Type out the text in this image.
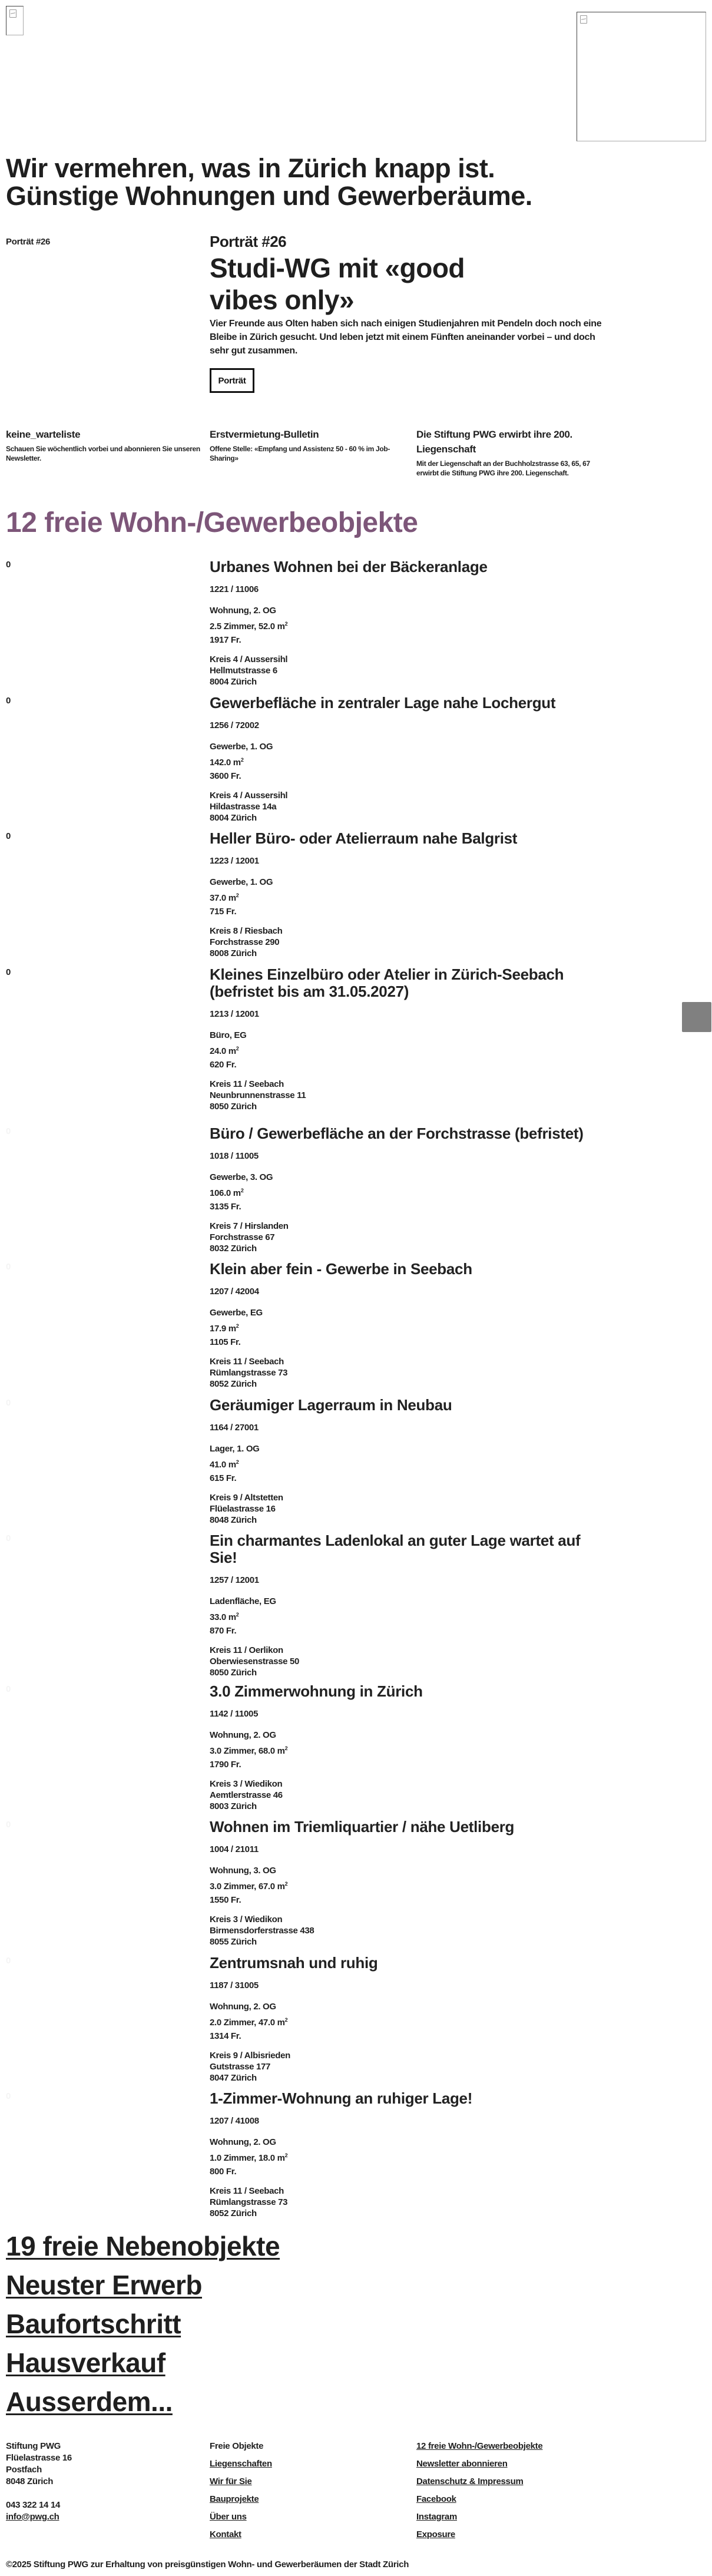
Wir vermehren, was in Zürich knapp ist.
Günstige Wohnungen und Gewerberäume.
Porträt #26	Porträt #26
Studi-WG mit «good vibes only»

Vier Freunde aus Olten haben sich nach einigen Studienjahren mit Pendeln doch noch eine Bleibe in Zürich gesucht. Und leben jetzt mit einem Fünften aneinander vorbei – und doch sehr gut zusammen.

Porträt
keine_warteliste

Schauen Sie wöchentlich vorbei und abonnieren Sie unseren Newsletter.

Erstvermietung-Bulletin

Offene Stelle: «Empfang und Assistenz 50 - 60 % im Job-Sharing»

Die Stiftung PWG erwirbt ihre 200. Liegenschaft

Mit der Liegenschaft an der Buchholzstrasse 63, 65, 67 erwirbt die Stiftung PWG ihre 200. Liegenschaft.

12 freie Wohn-/Gewerbeobjekte
0	Urbanes Wohnen bei der Bäckeranlage
1221 / 11006
Wohnung, 2. OG
2.5 Zimmer, 52.0 $m^2$
1917 Fr.
Kreis 4 / Aussersihl
Hellmutstrasse 6
8004 Zürich
0	Gewerbefläche in zentraler Lage nahe Lochergut
1256 / 72002
Gewerbe, 1. OG
142.0 $m^2$
3600 Fr.
Kreis 4 / Aussersihl
Hildastrasse 14a
8004 Zürich
0	Heller Büro- oder Atelierraum nahe Balgrist
1223 / 12001
Gewerbe, 1. OG
37.0 $m^2$
715 Fr.
Kreis 8 / Riesbach
Forchstrasse 290
8008 Zürich
0	Kleines Einzelbüro oder Atelier in Zürich-Seebach (befristet bis am 31.05.2027)
1213 / 12001
Büro, EG
24.0 $m^2$
620 Fr.
Kreis 11 / Seebach
Neunbrunnenstrasse 11
8050 Zürich
0	Büro / Gewerbefläche an der Forchstrasse (befristet)
1018 / 11005
Gewerbe, 3. OG
106.0 $m^2$
3135 Fr.
Kreis 7 / Hirslanden
Forchstrasse 67
8032 Zürich
0	Klein aber fein - Gewerbe in Seebach
1207 / 42004
Gewerbe, EG
17.9 $m^2$
1105 Fr.
Kreis 11 / Seebach
Rümlangstrasse 73
8052 Zürich
0	Geräumiger Lagerraum in Neubau
1164 / 27001
Lager, 1. OG
41.0 $m^2$
615 Fr.
Kreis 9 / Altstetten
Flüelastrasse 16
8048 Zürich
0	Ein charmantes Ladenlokal an guter Lage wartet auf Sie!
1257 / 12001
Ladenfläche, EG
33.0 $m^2$
870 Fr.
Kreis 11 / Oerlikon
Oberwiesenstrasse 50
8050 Zürich
0	3.0 Zimmerwohnung in Zürich
1142 / 11005
Wohnung, 2. OG
3.0 Zimmer, 68.0 $m^2$
1790 Fr.
Kreis 3 / Wiedikon
Aemtlerstrasse 46
8003 Zürich
0	Wohnen im Triemliquartier / nähe Uetliberg
1004 / 21011
Wohnung, 3. OG
3.0 Zimmer, 67.0 $m^2$
1550 Fr.
Kreis 3 / Wiedikon
Birmensdorferstrasse 438
8055 Zürich
0	Zentrumsnah und ruhig
1187 / 31005
Wohnung, 2. OG
2.0 Zimmer, 47.0 $m^2$
1314 Fr.
Kreis 9 / Albisrieden
Gutstrasse 177
8047 Zürich
0	1-Zimmer-Wohnung an ruhiger Lage!
1207 / 41008
Wohnung, 2. OG
1.0 Zimmer, 18.0 $m^2$
800 Fr.
Kreis 11 / Seebach
Rümlangstrasse 73
8052 Zürich
19 freie Nebenobjekte
Neuster Erwerb
Baufortschritt
Hausverkauf
Ausserdem...
Stiftung PWG
Flüelastrasse 16
Postfach
8048 Zürich
043 322 14 14
info@pwg.ch
Freie Objekte
Liegenschaften
Wir für Sie
Bauprojekte
Über uns
Kontakt
12 freie Wohn-/Gewerbeobjekte
Newsletter abonnieren
Datenschutz & Impressum
Facebook
Instagram
Exposure
©2025 Stiftung PWG zur Erhaltung von preisgünstigen Wohn- und Gewerberäumen der Stadt Zürich
